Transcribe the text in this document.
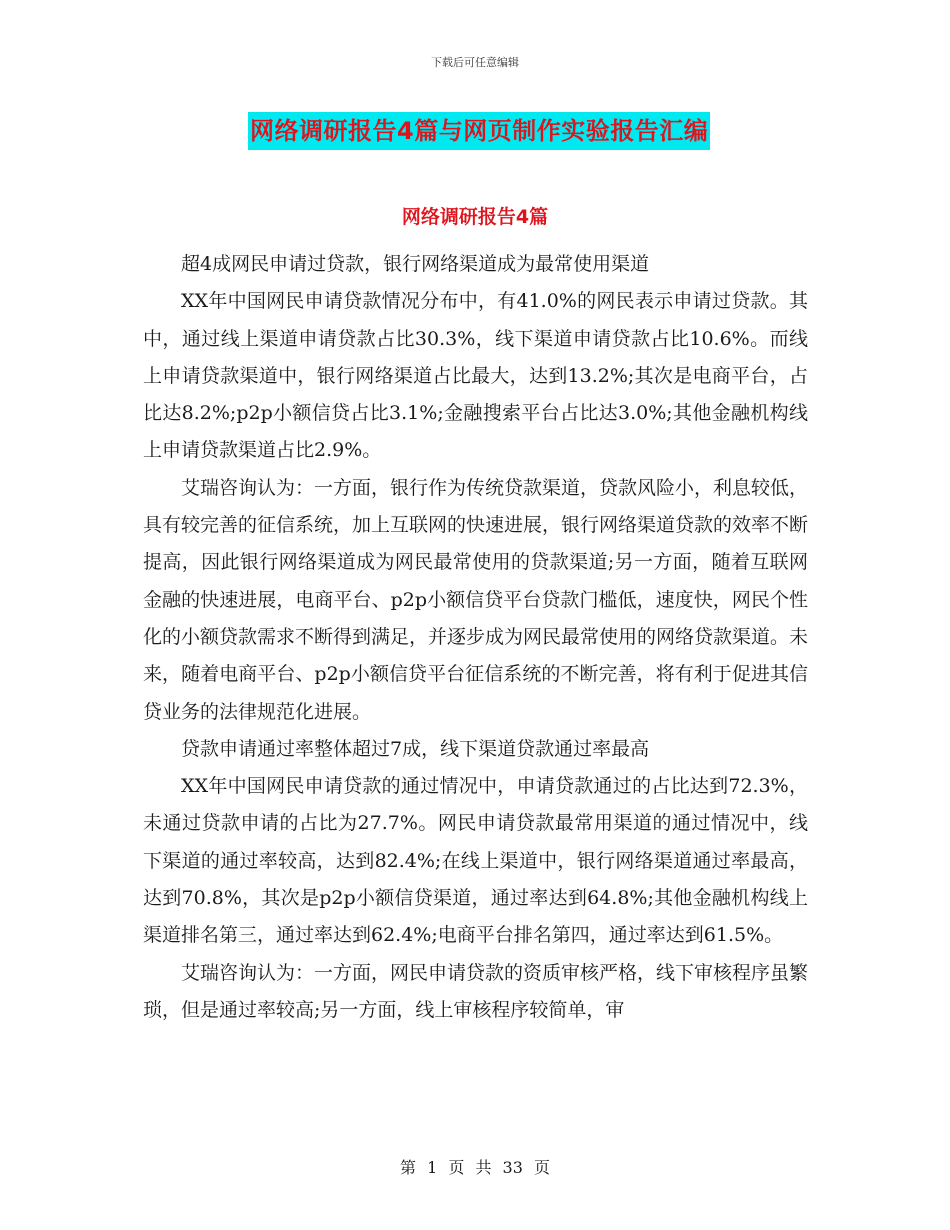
下载后可任意编辑
网络调研报告4篇与网页制作实验报告汇编
网络调研报告4篇

超4成网民申请过贷款，银行网络渠道成为最常使用渠道

XX年中国网民申请贷款情况分布中，有41.0%的网民表示申请过贷款。其中，通过线上渠道申请贷款占比30.3%，线下渠道申请贷款占比10.6%。而线上申请贷款渠道中，银行网络渠道占比最大，达到13.2%;其次是电商平台，占比达8.2%;p2p小额信贷占比3.1%;金融搜索平台占比达3.0%;其他金融机构线上申请贷款渠道占比2.9%。

艾瑞咨询认为：一方面，银行作为传统贷款渠道，贷款风险小，利息较低，具有较完善的征信系统，加上互联网的快速进展，银行网络渠道贷款的效率不断提高，因此银行网络渠道成为网民最常使用的贷款渠道;另一方面，随着互联网金融的快速进展，电商平台、p2p小额信贷平台贷款门槛低，速度快，网民个性化的小额贷款需求不断得到满足，并逐步成为网民最常使用的网络贷款渠道。未来，随着电商平台、p2p小额信贷平台征信系统的不断完善，将有利于促进其信贷业务的法律规范化进展。

贷款申请通过率整体超过7成，线下渠道贷款通过率最高

XX年中国网民申请贷款的通过情况中，申请贷款通过的占比达到72.3%，未通过贷款申请的占比为27.7%。网民申请贷款最常用渠道的通过情况中，线下渠道的通过率较高，达到82.4%;在线上渠道中，银行网络渠道通过率最高，达到70.8%，其次是p2p小额信贷渠道，通过率达到64.8%;其他金融机构线上渠道排名第三，通过率达到62.4%;电商平台排名第四，通过率达到61.5%。

艾瑞咨询认为：一方面，网民申请贷款的资质审核严格，线下审核程序虽繁琐，但是通过率较高;另一方面，线上审核程序较简单，审

第 1 页 共 33 页
